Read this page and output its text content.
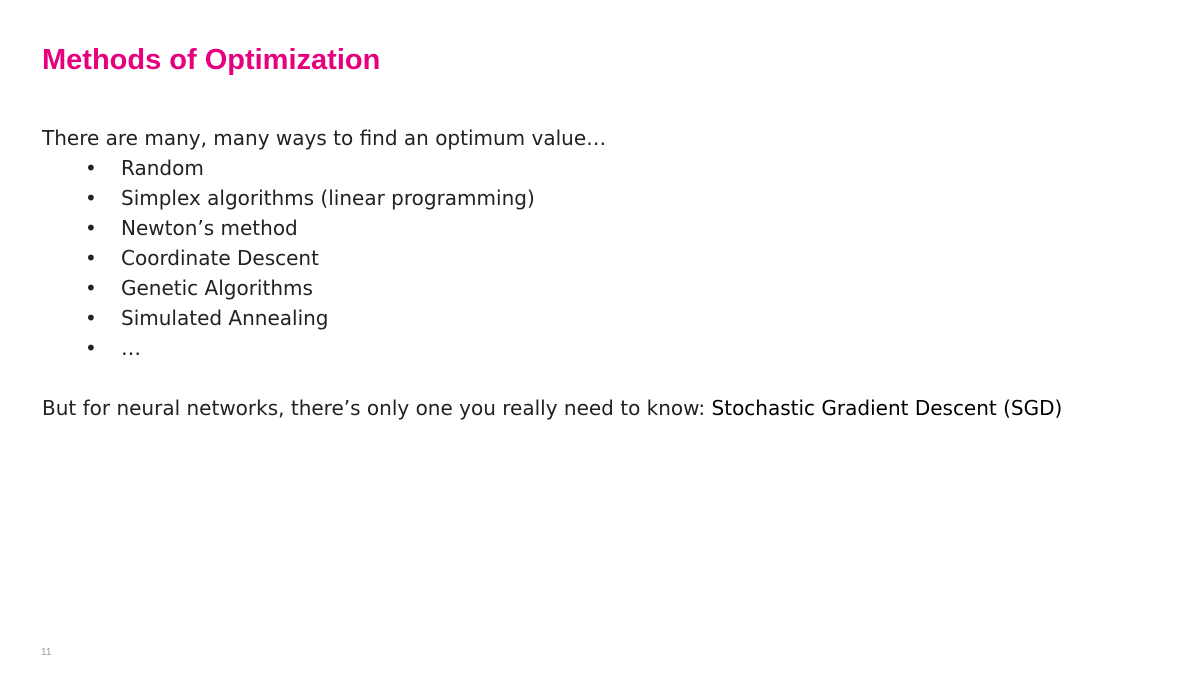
Methods of Optimization

There are many, many ways to find an optimum value…

• Random
• Simplex algorithms (linear programming)
• Newton’s method
• Coordinate Descent
• Genetic Algorithms
• Simulated Annealing
• …

But for neural networks, there’s only one you really need to know: Stochastic Gradient Descent (SGD)

11
